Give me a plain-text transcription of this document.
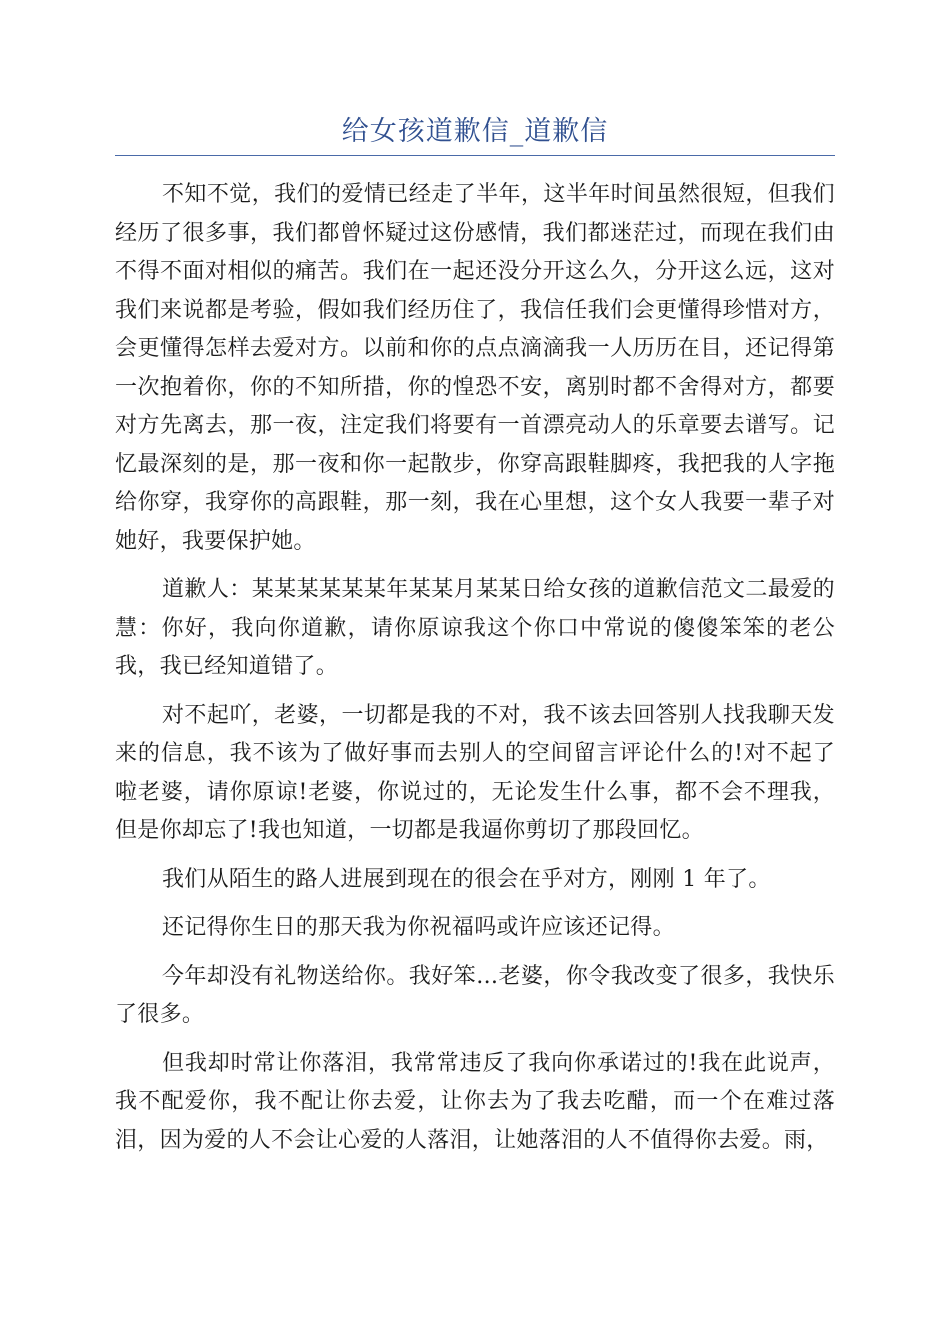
给女孩道歉信_道歉信

不知不觉，我们的爱情已经走了半年，这半年时间虽然很短，但我们经历了很多事，我们都曾怀疑过这份感情，我们都迷茫过，而现在我们由不得不面对相似的痛苦。我们在一起还没分开这么久，分开这么远，这对我们来说都是考验，假如我们经历住了，我信任我们会更懂得珍惜对方，会更懂得怎样去爱对方。以前和你的点点滴滴我一人历历在目，还记得第一次抱着你，你的不知所措，你的惶恐不安，离别时都不舍得对方，都要对方先离去，那一夜，注定我们将要有一首漂亮动人的乐章要去谱写。记忆最深刻的是，那一夜和你一起散步，你穿高跟鞋脚疼，我把我的人字拖给你穿，我穿你的高跟鞋，那一刻，我在心里想，这个女人我要一辈子对她好，我要保护她。

道歉人：某某某某某某年某某月某某日给女孩的道歉信范文二最爱的慧：你好，我向你道歉，请你原谅我这个你口中常说的傻傻笨笨的老公我，我已经知道错了。

对不起吖，老婆，一切都是我的不对，我不该去回答别人找我聊天发来的信息，我不该为了做好事而去别人的空间留言评论什么的!对不起了啦老婆，请你原谅!老婆，你说过的，无论发生什么事，都不会不理我，但是你却忘了!我也知道，一切都是我逼你剪切了那段回忆。

我们从陌生的路人进展到现在的很会在乎对方，刚刚 1 年了。

还记得你生日的那天我为你祝福吗或许应该还记得。

今年却没有礼物送给你。我好笨…老婆，你令我改变了很多，我快乐了很多。

但我却时常让你落泪，我常常违反了我向你承诺过的!我在此说声，我不配爱你，我不配让你去爱，让你去为了我去吃醋，而一个在难过落泪，因为爱的人不会让心爱的人落泪，让她落泪的人不值得你去爱。雨，
